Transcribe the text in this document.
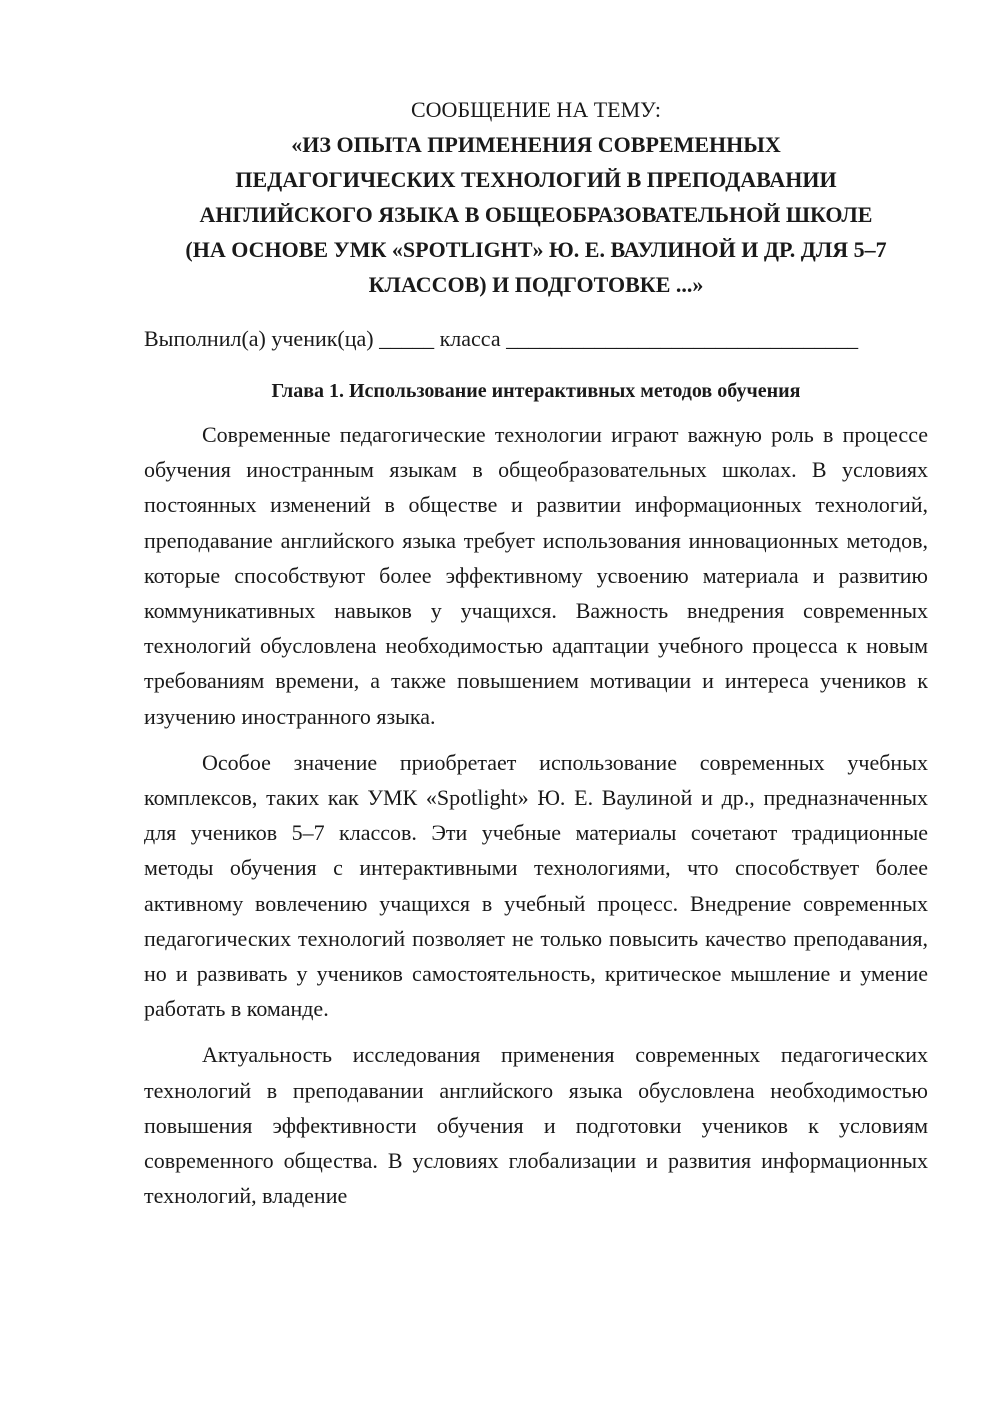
СООБЩЕНИЕ НА ТЕМУ:

«ИЗ ОПЫТА ПРИМЕНЕНИЯ СОВРЕМЕННЫХ

ПЕДАГОГИЧЕСКИХ ТЕХНОЛОГИЙ В ПРЕПОДАВАНИИ

АНГЛИЙСКОГО ЯЗЫКА В ОБЩЕОБРАЗОВАТЕЛЬНОЙ ШКОЛЕ

(НА ОСНОВЕ УМК «SPOTLIGHT» Ю. Е. ВАУЛИНОЙ И ДР. ДЛЯ 5–7

КЛАССОВ) И ПОДГОТОВКЕ ...»

Выполнил(а) ученик(ца) _____ класса ________________________________
Глава 1. Использование интерактивных методов обучения

Современные педагогические технологии играют важную роль в процессе обучения иностранным языкам в общеобразовательных школах. В условиях постоянных изменений в обществе и развитии информационных технологий, преподавание английского языка требует использования инновационных методов, которые способствуют более эффективному усвоению материала и развитию коммуникативных навыков у учащихся. Важность внедрения современных технологий обусловлена необходимостью адаптации учебного процесса к новым требованиям времени, а также повышением мотивации и интереса учеников к изучению иностранного языка.

Особое значение приобретает использование современных учебных комплексов, таких как УМК «Spotlight» Ю. Е. Ваулиной и др., предназначенных для учеников 5–7 классов. Эти учебные материалы сочетают традиционные методы обучения с интерактивными технологиями, что способствует более активному вовлечению учащихся в учебный процесс. Внедрение современных педагогических технологий позволяет не только повысить качество преподавания, но и развивать у учеников самостоятельность, критическое мышление и умение работать в команде.

Актуальность исследования применения современных педагогических технологий в преподавании английского языка обусловлена необходимостью повышения эффективности обучения и подготовки учеников к условиям современного общества. В условиях глобализации и развития информационных технологий, владение
